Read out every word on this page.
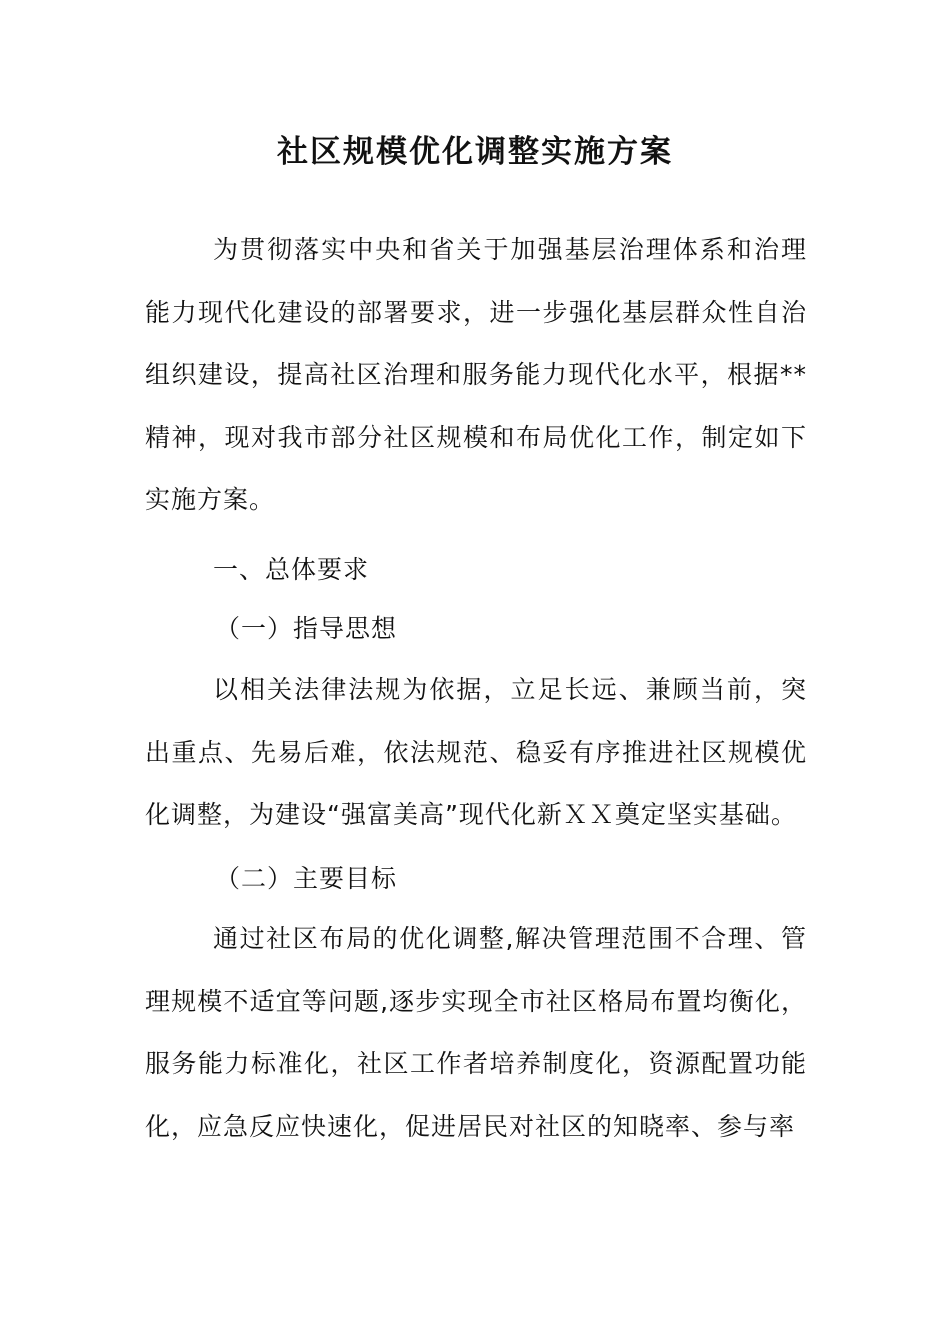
社区规模优化调整实施方案
为贯彻落实中央和省关于加强基层治理体系和治理能力现代化建设的部署要求，进一步强化基层群众性自治组织建设，提高社区治理和服务能力现代化水平，根据**精神，现对我市部分社区规模和布局优化工作，制定如下实施方案。
一、总体要求
（一）指导思想
以相关法律法规为依据，立足长远、兼顾当前，突出重点、先易后难，依法规范、稳妥有序推进社区规模优化调整，为建设“强富美高”现代化新ＸＸ奠定坚实基础。
（二）主要目标
通过社区布局的优化调整,解决管理范围不合理、管理规模不适宜等问题,逐步实现全市社区格局布置均衡化，服务能力标准化，社区工作者培养制度化，资源配置功能化，应急反应快速化，促进居民对社区的知晓率、参与率
